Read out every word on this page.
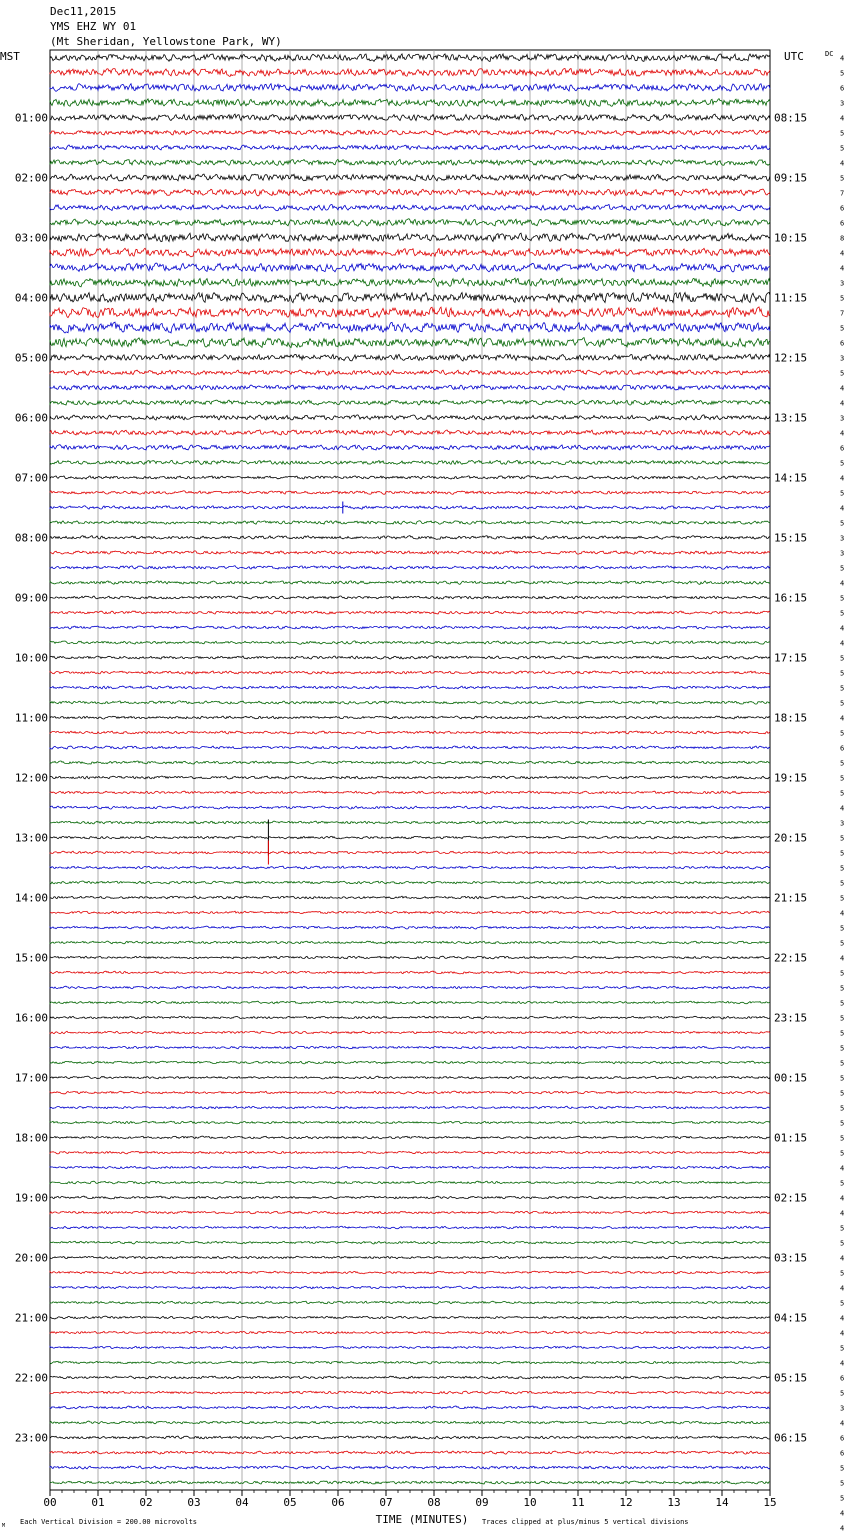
Dec11,2015
YMS EHZ WY 01
(Mt Sheridan, Yellowstone Park, WY)
MST	UTC	DC
01:00
02:00
03:00
04:00
05:00
06:00
07:00
08:00
09:00
10:00
11:00
12:00
13:00
14:00
15:00
16:00
17:00
18:00
19:00
20:00
21:00
22:00
23:00
08:15
09:15
10:15
11:15
12:15
13:15
14:15
15:15
16:15
17:15
18:15
19:15
20:15
21:15
22:15
23:15
00:15
01:15
02:15
03:15
04:15
05:15
06:15
4
5
6
3
4
5
5
4
5
7
6
6
8
4
4
3
5
7
5
6
3
5
4
4
3
4
6
5
4
5
4
5
3
3
5
4
5
5
4
4
5
5
5
5
4
5
6
5
5
5
4
3
5
5
5
5
5
4
5
5
4
5
5
5
5
5
5
5
5
5
5
5
5
5
4
5
4
4
5
5
4
5
4
5
4
4
5
4
6
5
3
4
6
6
5
5
5
4
4
00	01	02	03	04	05	06	07	08	09	10	11	12	13	14	15
TIME (MINUTES)
Each Vertical Division = 200.00 microvolts	Traces clipped at plus/minus 5 vertical divisions
M
